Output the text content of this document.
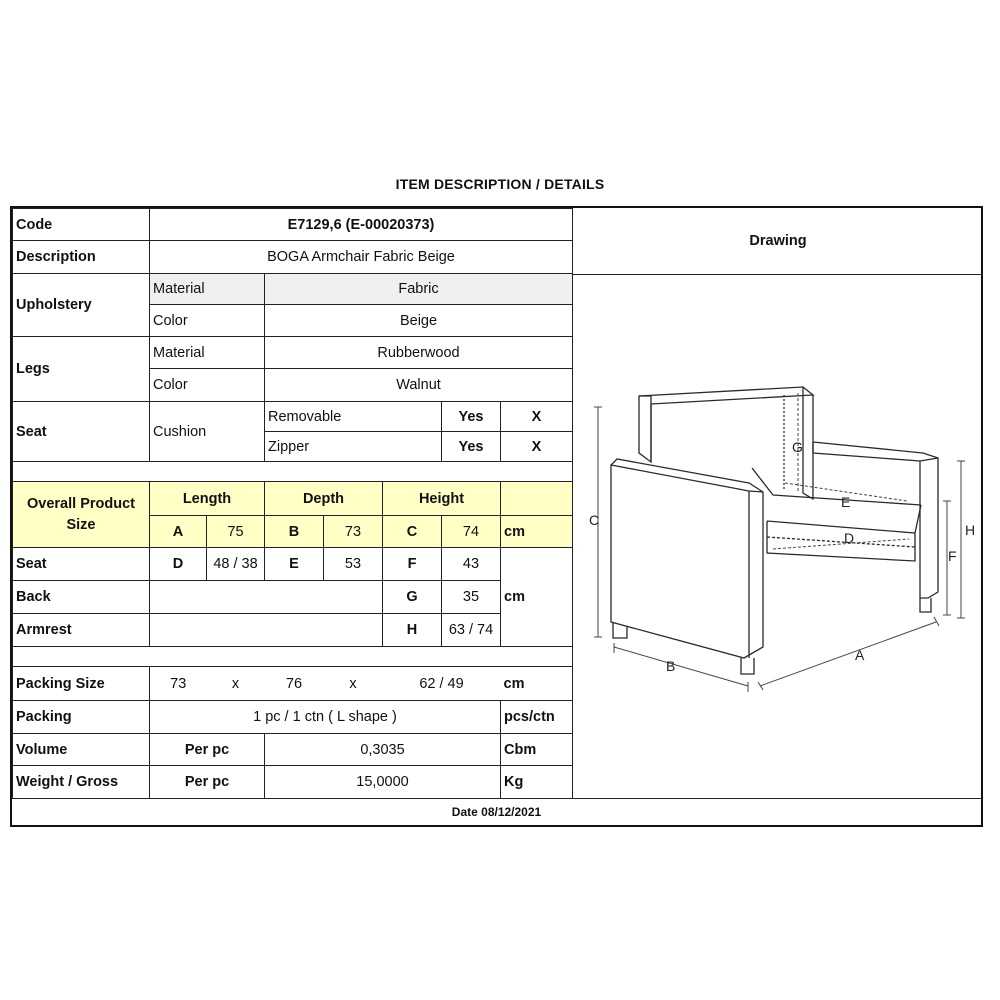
ITEM DESCRIPTION / DETAILS
Code	E7129,6 (E-00020373)						
Description	BOGA Armchair Fabric Beige						
Upholstery	Material		Fabric				
	Color		Beige				
Legs	Material		Rubberwood				
	Color		Walnut				
Seat	Cushion		Removable			Yes	X
			Zipper			Yes	X

Overall Product Size	Length		Depth		Height		
	A	75	B	73	C	74	cm
Seat	D	48 / 38	E	53	F	43	cm
Back					G	35	
Armrest					H	63 / 74	

Packing Size	73	x	76	x	62 / 49		cm
Packing	1 pc / 1 ctn ( L shape )						pcs/ctn
Volume	Per pc		0,3035				Cbm
Weight / Gross	Per pc		15,0000				Kg
Drawing
C
G
E
D	H
F
B
A
Date 08/12/2021
